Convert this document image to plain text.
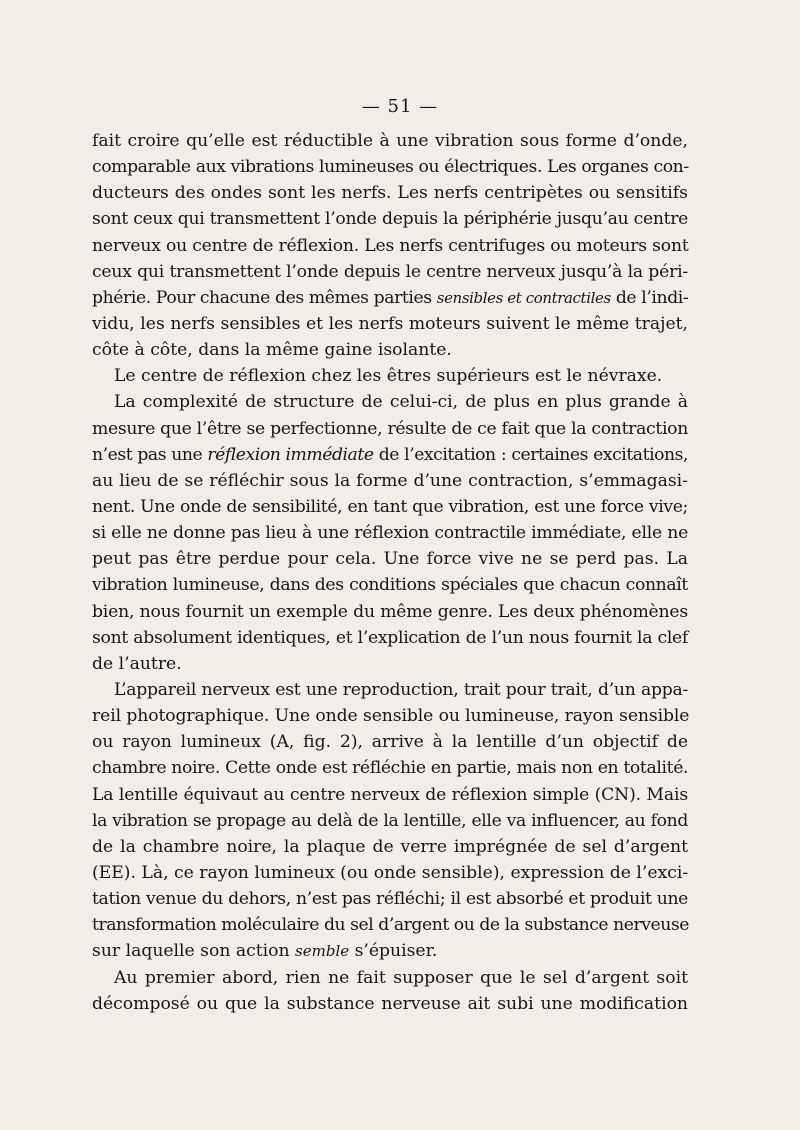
— 51 —
fait croire qu’elle est réductible à une vibration sous forme d’onde,
comparable aux vibrations lumineuses ou électriques. Les organes con-
ducteurs des ondes sont les nerfs. Les nerfs centripètes ou sensitifs
sont ceux qui transmettent l’onde depuis la périphérie jusqu’au centre
nerveux ou centre de réflexion. Les nerfs centrifuges ou moteurs sont
ceux qui transmettent l’onde depuis le centre nerveux jusqu’à la péri-
phérie. Pour chacune des mêmes parties sensibles et contractiles de l’indi-
vidu, les nerfs sensibles et les nerfs moteurs suivent le même trajet,
côte à côte, dans la même gaine isolante.
Le centre de réflexion chez les êtres supérieurs est le névraxe.
La complexité de structure de celui-ci, de plus en plus grande à
mesure que l’être se perfectionne, résulte de ce fait que la contraction
n’est pas une réflexion immédiate de l’excitation : certaines excitations,
au lieu de se réfléchir sous la forme d’une contraction, s’emmagasi-
nent. Une onde de sensibilité, en tant que vibration, est une force vive;
si elle ne donne pas lieu à une réflexion contractile immédiate, elle ne
peut pas être perdue pour cela. Une force vive ne se perd pas. La
vibration lumineuse, dans des conditions spéciales que chacun connaît
bien, nous fournit un exemple du même genre. Les deux phénomènes
sont absolument identiques, et l’explication de l’un nous fournit la clef
de l’autre.
L’appareil nerveux est une reproduction, trait pour trait, d’un appa-
reil photographique. Une onde sensible ou lumineuse, rayon sensible
ou rayon lumineux (A, fig. 2), arrive à la lentille d’un objectif de
chambre noire. Cette onde est réfléchie en partie, mais non en totalité.
La lentille équivaut au centre nerveux de réflexion simple (CN). Mais
la vibration se propage au delà de la lentille, elle va influencer, au fond
de la chambre noire, la plaque de verre imprégnée de sel d’argent
(EE). Là, ce rayon lumineux (ou onde sensible), expression de l’exci-
tation venue du dehors, n’est pas réfléchi; il est absorbé et produit une
transformation moléculaire du sel d’argent ou de la substance nerveuse
sur laquelle son action semble s’épuiser.
Au premier abord, rien ne fait supposer que le sel d’argent soit
décomposé ou que la substance nerveuse ait subi une modification
